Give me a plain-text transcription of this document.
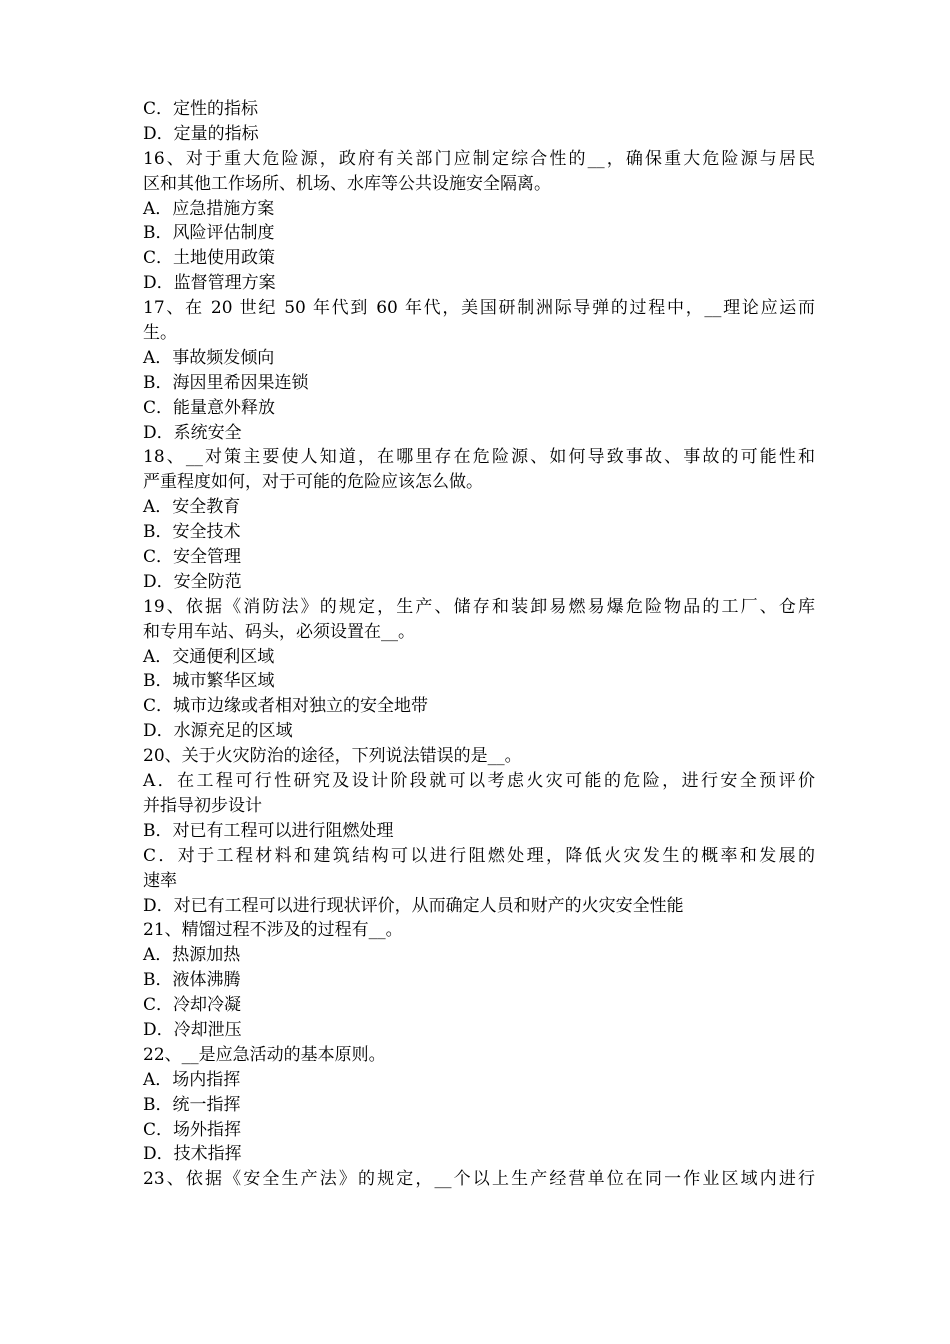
C．定性的指标
D．定量的指标
16、对于重大危险源，政府有关部门应制定综合性的__，确保重大危险源与居民
区和其他工作场所、机场、水库等公共设施安全隔离。
A．应急措施方案
B．风险评估制度
C．土地使用政策
D．监督管理方案
17、在 20 世纪 50 年代到 60 年代，美国研制洲际导弹的过程中，__理论应运而
生。
A．事故频发倾向
B．海因里希因果连锁
C．能量意外释放
D．系统安全
18、__对策主要使人知道，在哪里存在危险源、如何导致事故、事故的可能性和
严重程度如何，对于可能的危险应该怎么做。
A．安全教育
B．安全技术
C．安全管理
D．安全防范
19、依据《消防法》的规定，生产、储存和装卸易燃易爆危险物品的工厂、仓库
和专用车站、码头，必须设置在__。
A．交通便利区域
B．城市繁华区域
C．城市边缘或者相对独立的安全地带
D．水源充足的区域
20、关于火灾防治的途径，下列说法错误的是__。
A．在工程可行性研究及设计阶段就可以考虑火灾可能的危险，进行安全预评价
并指导初步设计
B．对已有工程可以进行阻燃处理
C．对于工程材料和建筑结构可以进行阻燃处理，降低火灾发生的概率和发展的
速率
D．对已有工程可以进行现状评价，从而确定人员和财产的火灾安全性能
21、精馏过程不涉及的过程有__。
A．热源加热
B．液体沸腾
C．冷却冷凝
D．冷却泄压
22、__是应急活动的基本原则。
A．场内指挥
B．统一指挥
C．场外指挥
D．技术指挥
23、依据《安全生产法》的规定，__个以上生产经营单位在同一作业区域内进行
